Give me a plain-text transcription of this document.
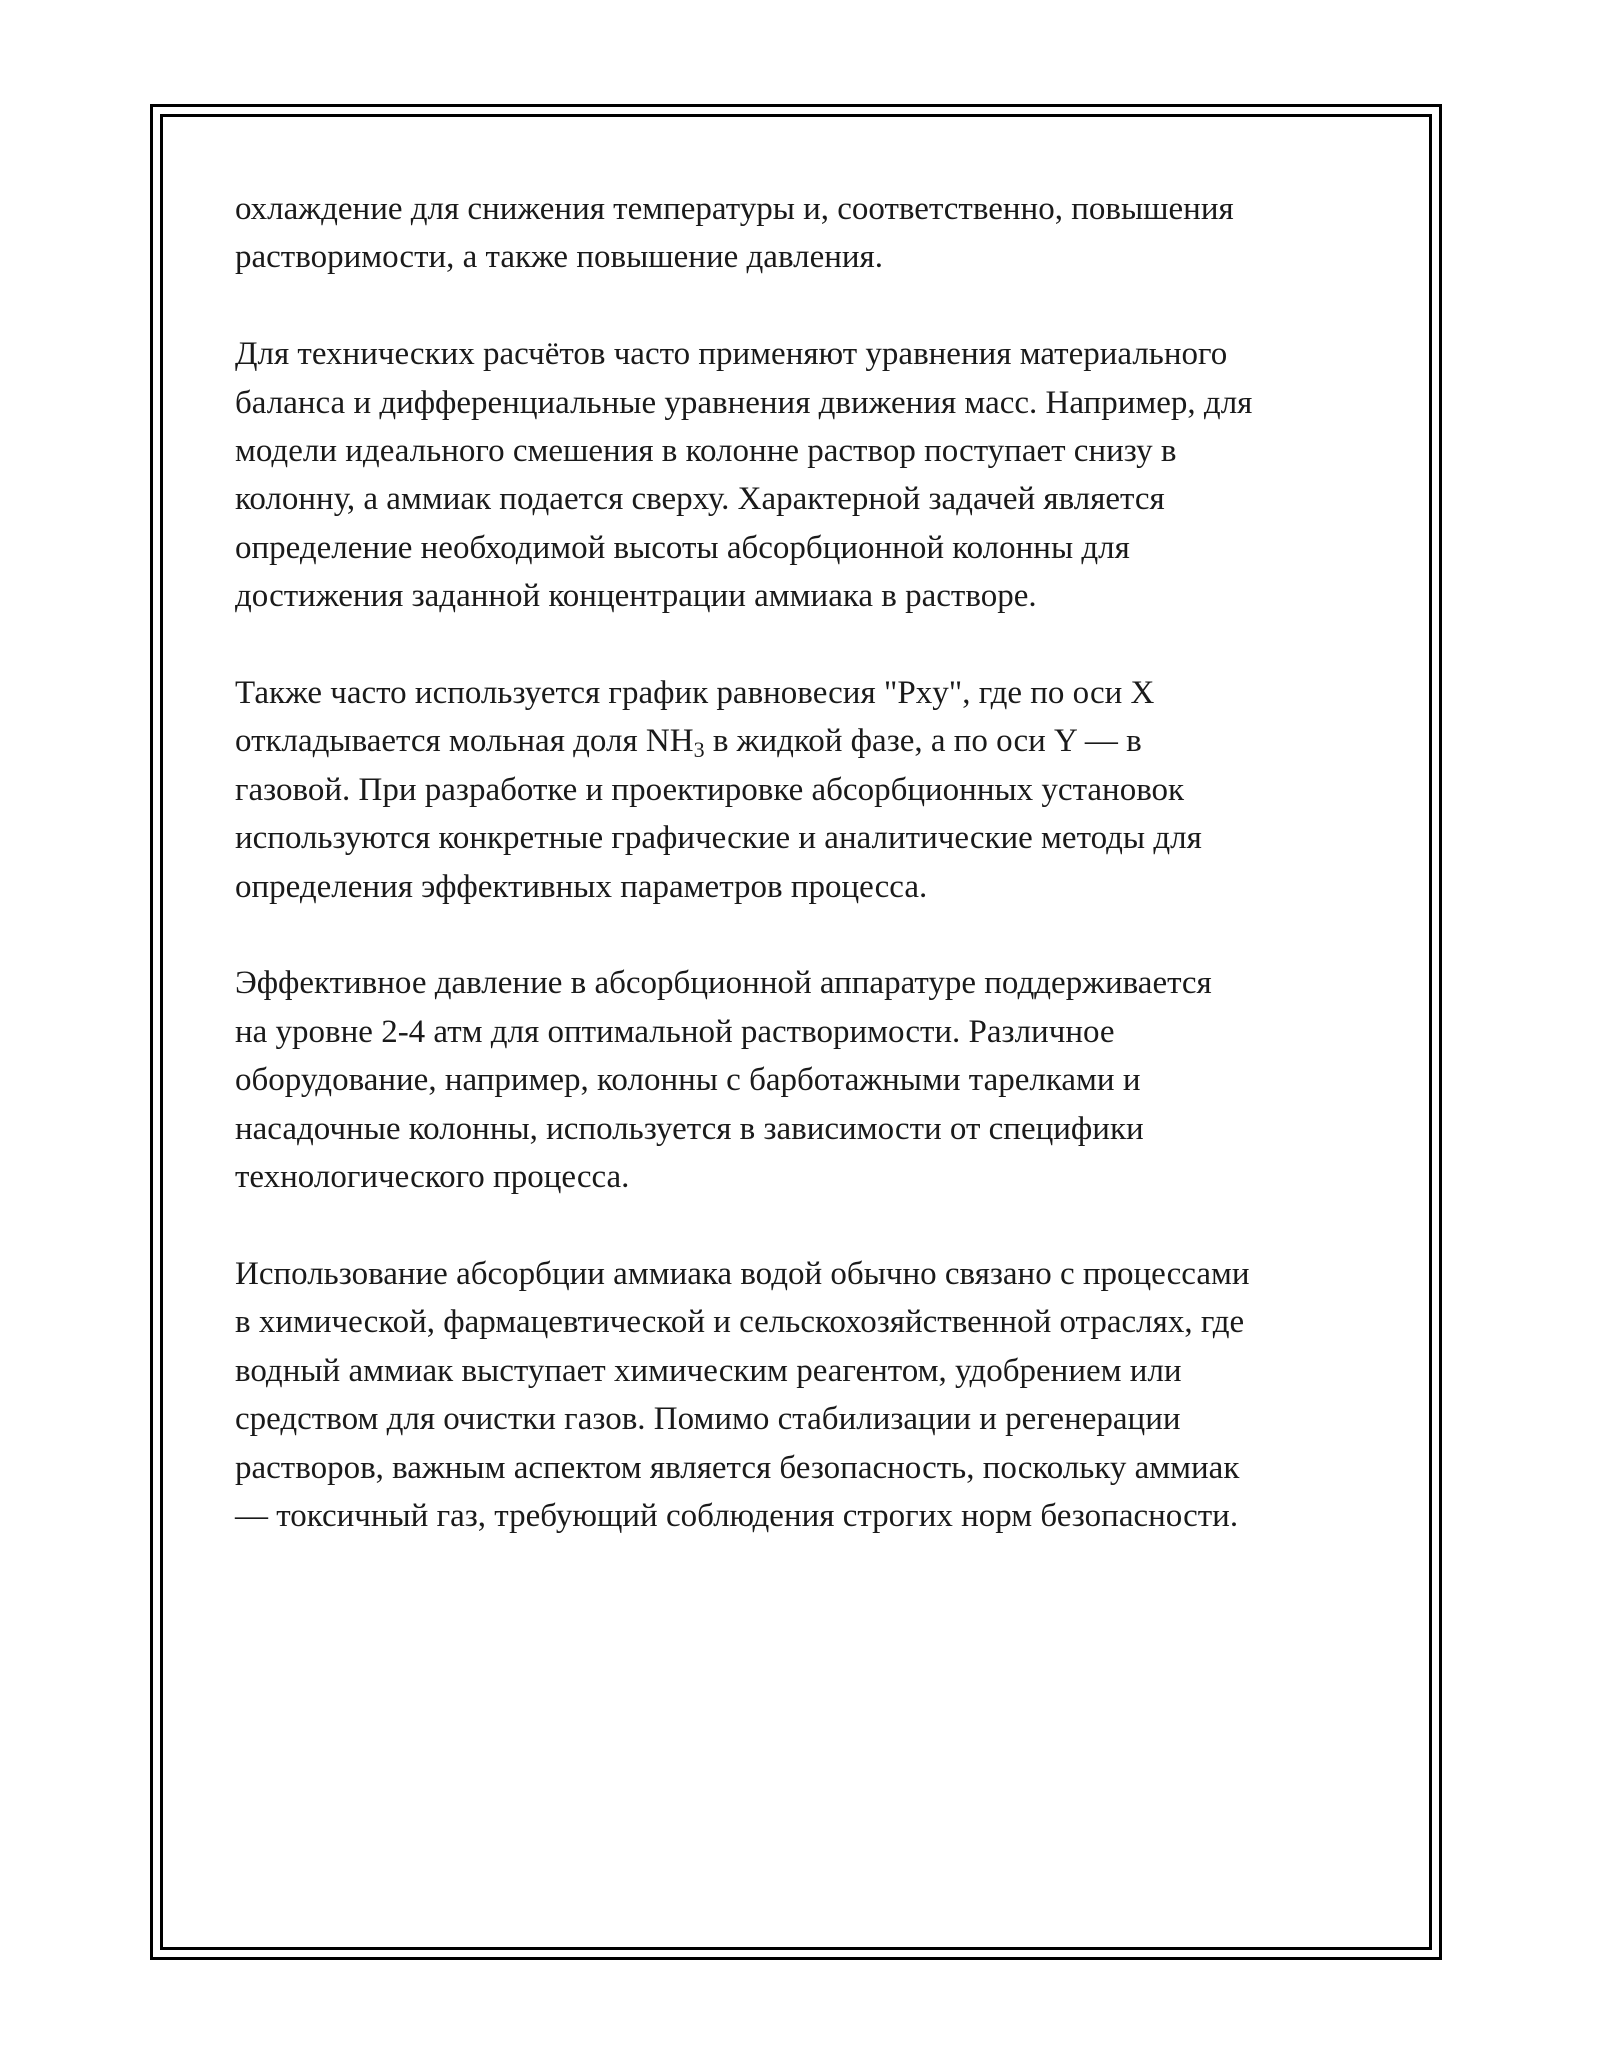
охлаждение для снижения температуры и, соответственно, повышения
растворимости, а также повышение давления.

Для технических расчётов часто применяют уравнения материального
баланса и дифференциальные уравнения движения масс. Например, для
модели идеального смешения в колонне раствор поступает снизу в
колонну, а аммиак подается сверху. Характерной задачей является
определение необходимой высоты абсорбционной колонны для
достижения заданной концентрации аммиака в растворе.

Также часто используется график равновесия "Pxy", где по оси X
откладывается мольная доля $NH_3$ в жидкой фазе, а по оси Y — в
газовой. При разработке и проектировке абсорбционных установок
используются конкретные графические и аналитические методы для
определения эффективных параметров процесса.

Эффективное давление в абсорбционной аппаратуре поддерживается
на уровне 2-4 атм для оптимальной растворимости. Различное
оборудование, например, колонны с барботажными тарелками и
насадочные колонны, используется в зависимости от специфики
технологического процесса.

Использование абсорбции аммиака водой обычно связано с процессами
в химической, фармацевтической и сельскохозяйственной отраслях, где
водный аммиак выступает химическим реагентом, удобрением или
средством для очистки газов. Помимо стабилизации и регенерации
растворов, важным аспектом является безопасность, поскольку аммиак
— токсичный газ, требующий соблюдения строгих норм безопасности.
